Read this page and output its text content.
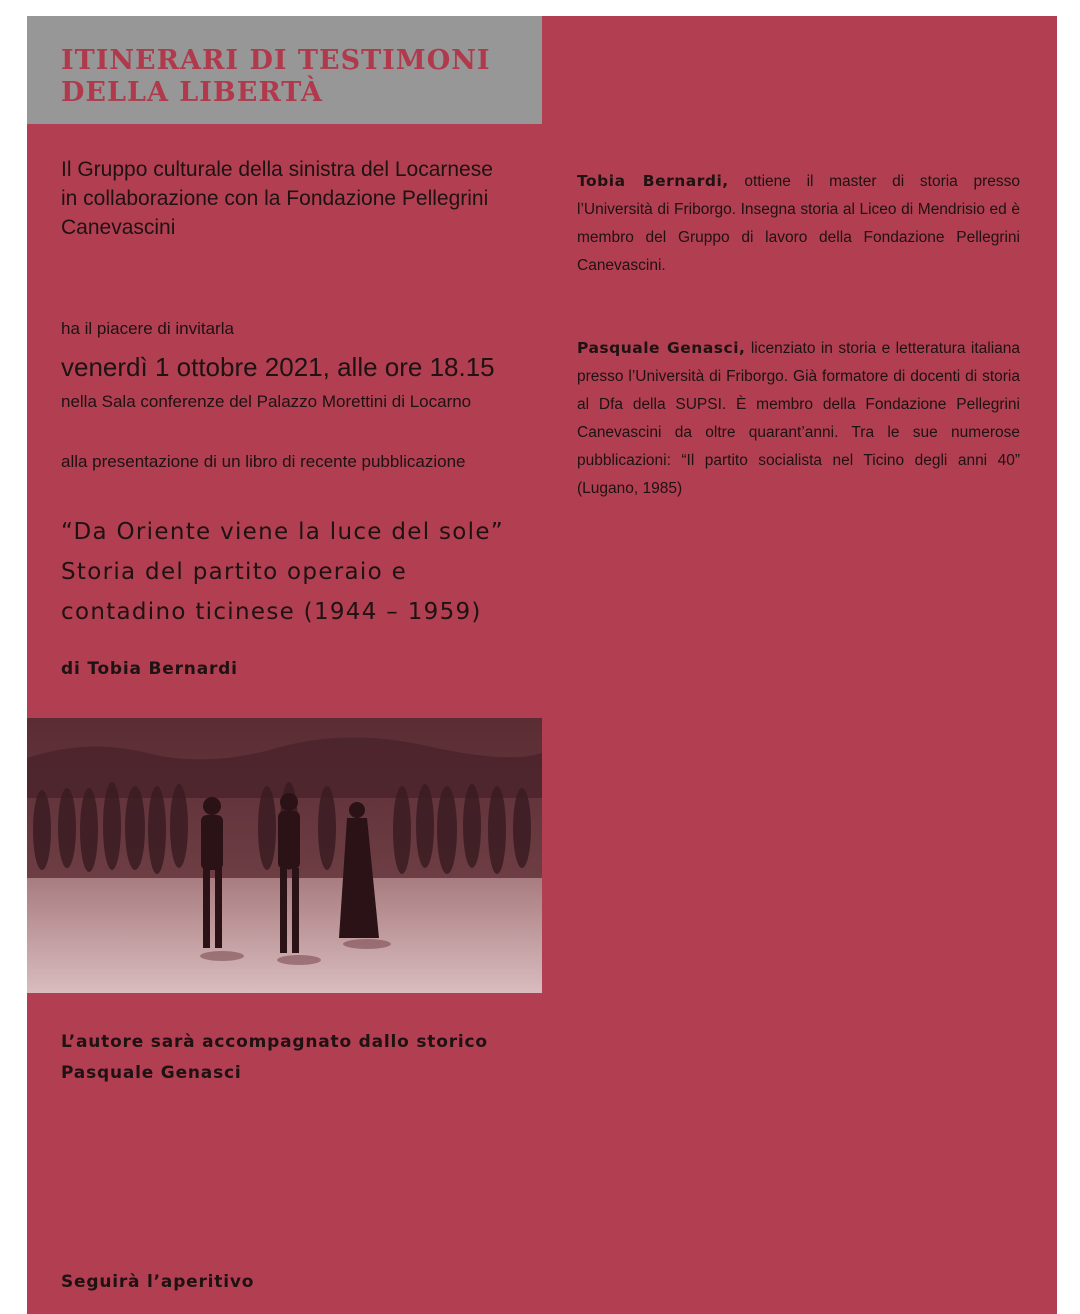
ITINERARI DI TESTIMONI
DELLA LIBERTÀ
Il Gruppo culturale della sinistra del Locarnese
in collaborazione con la Fondazione Pellegrini
Canevascini
ha il piacere di invitarla
venerdì 1 ottobre 2021, alle ore 18.15
nella Sala conferenze del Palazzo Morettini di Locarno
alla presentazione di un libro di recente pubblicazione
“Da Oriente viene la luce del sole”
Storia del partito operaio e
contadino ticinese (1944 – 1959)
di Tobia Bernardi

Tobia Bernardi, ottiene il master di storia presso l’Università di Friborgo. Insegna storia al Liceo di Mendrisio ed è membro del Gruppo di lavoro della Fondazione Pellegrini Canevascini.

Pasquale Genasci, licenziato in storia e letteratura italiana presso l’Università di Friborgo. Già formatore di docenti di storia al Dfa della SUPSI. È membro della Fondazione Pellegrini Canevascini da oltre quarant’anni. Tra le sue numerose pubblicazioni: “Il partito socialista nel Ticino degli anni 40” (Lugano, 1985)

L’autore sarà accompagnato dallo storico
Pasquale Genasci
Seguirà l’aperitivo
